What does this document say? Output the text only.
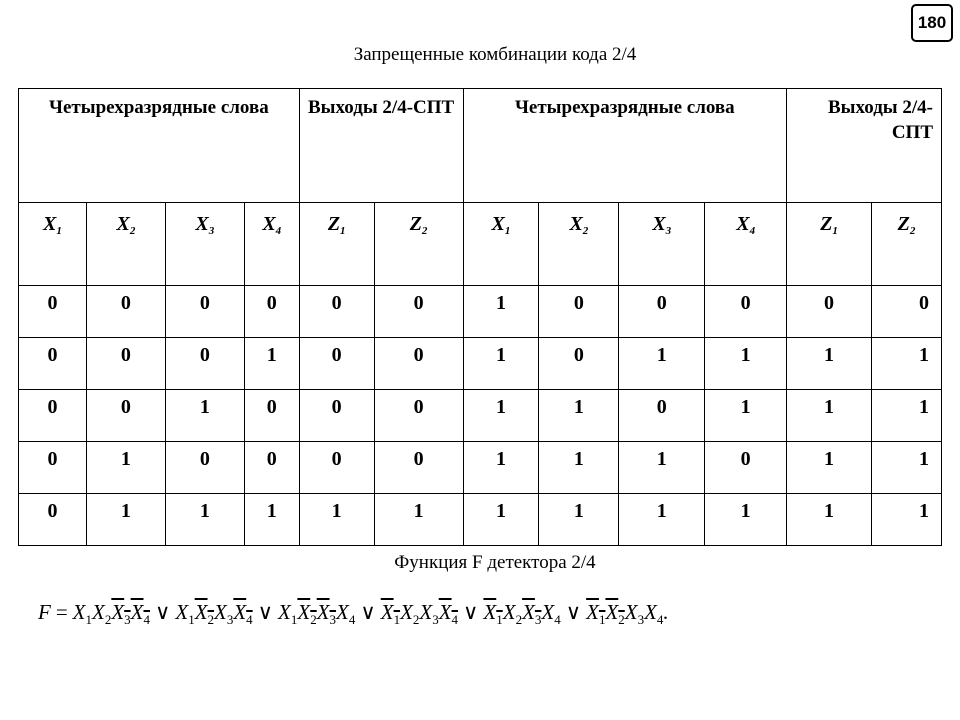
180
Запрещенные комбинации кода 2/4
Четырехразрядные слова				Выходы 2/4-СПТ		Четырехразрядные слова				Выходы 2/4-СПТ	
$X_1$	$X_2$	$X_3$	$X_4$	$Z_1$	$Z_2$	$X_1$	$X_2$	$X_3$	$X_4$	$Z_1$	$Z_2$
0	0	0	0	0	0	1	0	0	0	0	0
0	0	0	1	0	0	1	0	1	1	1	1
0	0	1	0	0	0	1	1	0	1	1	1
0	1	0	0	0	0	1	1	1	0	1	1
0	1	1	1	1	1	1	1	1	1	1	1
Функция F детектора 2/4
$F = X_1X_2X_3X_4$ ∨ $X_1X_2X_3X_4$ ∨ $X_1X_2X_3X_4$ ∨ $X_1X_2X_3X_4$ ∨ $X_1X_2X_3X_4$ ∨ $X_1X_2X_3X_4$.
